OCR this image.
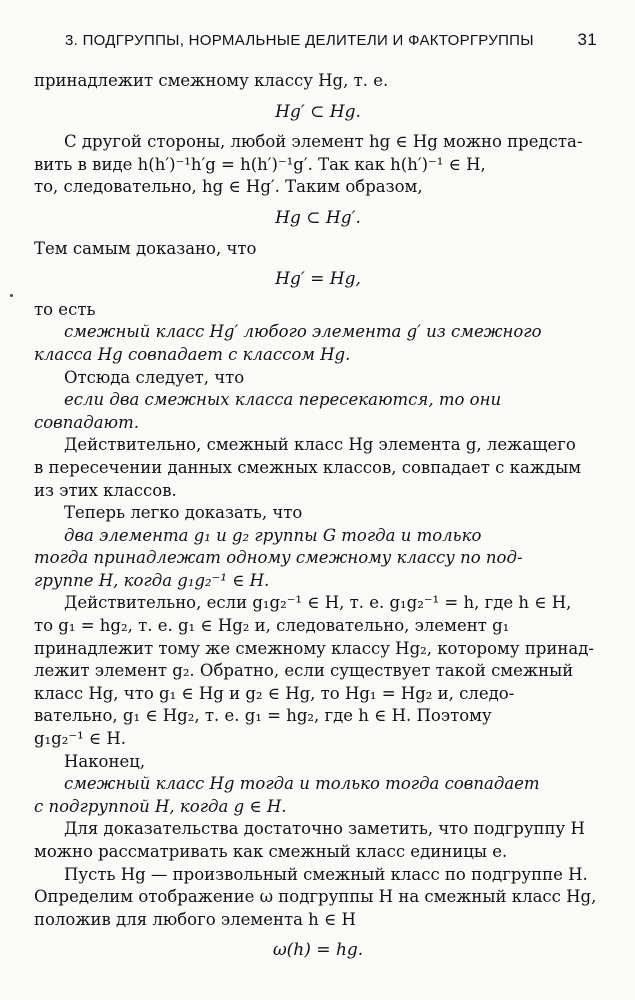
3. ПОДГРУППЫ, НОРМАЛЬНЫЕ ДЕЛИТЕЛИ И ФАКТОРГРУППЫ	31

принадлежит смежному классу Hg, т. е.

Hg′ ⊂ Hg.

С другой стороны, любой элемент hg ∈ Hg можно предста-

вить в виде h(h′)⁻¹h′g = h(h′)⁻¹g′. Так как h(h′)⁻¹ ∈ H,

то, следовательно, hg ∈ Hg′. Таким образом,

Hg ⊂ Hg′.

Тем самым доказано, что

Hg′ = Hg,

то есть

смежный класс Hg′ любого элемента g′ из смежного

класса Hg совпадает с классом Hg.

Отсюда следует, что

если два смежных класса пересекаются, то они

совпадают.

Действительно, смежный класс Hg элемента g, лежащего

в пересечении данных смежных классов, совпадает с каждым

из этих классов.

Теперь легко доказать, что

два элемента g₁ и g₂ группы G тогда и только

тогда принадлежат одному смежному классу по под-

группе H, когда g₁g₂⁻¹ ∈ H.

Действительно, если g₁g₂⁻¹ ∈ H, т. е. g₁g₂⁻¹ = h, где h ∈ H,

то g₁ = hg₂, т. е. g₁ ∈ Hg₂ и, следовательно, элемент g₁

принадлежит тому же смежному классу Hg₂, которому принад-

лежит элемент g₂. Обратно, если существует такой смежный

класс Hg, что g₁ ∈ Hg и g₂ ∈ Hg, то Hg₁ = Hg₂ и, следо-

вательно, g₁ ∈ Hg₂, т. е. g₁ = hg₂, где h ∈ H. Поэтому

g₁g₂⁻¹ ∈ H.

Наконец,

смежный класс Hg тогда и только тогда совпадает

с подгруппой H, когда g ∈ H.

Для доказательства достаточно заметить, что подгруппу H

можно рассматривать как смежный класс единицы e.

Пусть Hg — произвольный смежный класс по подгруппе H.

Определим отображение ω подгруппы H на смежный класс Hg,

положив для любого элемента h ∈ H

ω(h) = hg.
